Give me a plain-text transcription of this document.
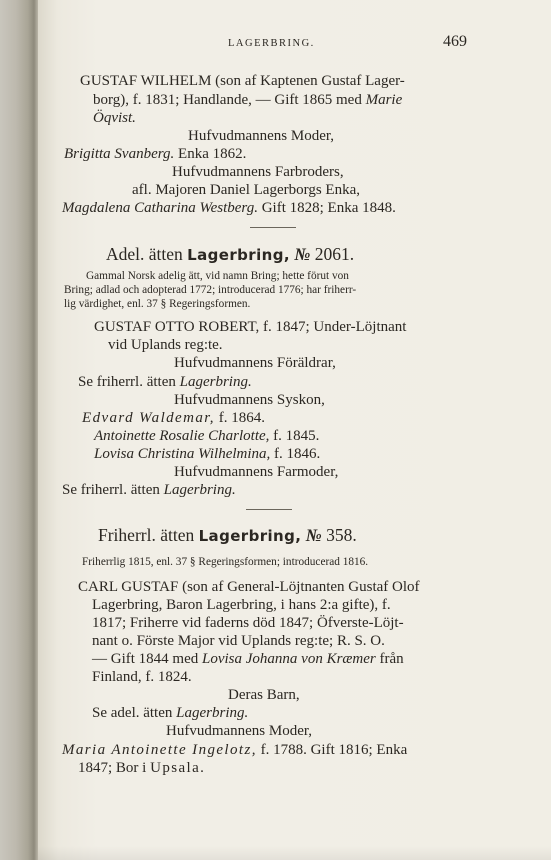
LAGERBRING.	469
GUSTAF WILHELM (son af Kaptenen Gustaf Lager-
borg), f. 1831; Handlande, — Gift 1865 med Marie
Öqvist.
Hufvudmannens Moder,
Brigitta Svanberg. Enka 1862.
Hufvudmannens Farbroders,
afl. Majoren Daniel Lagerborgs Enka,
Magdalena Catharina Westberg. Gift 1828; Enka 1848.
Adel. ätten Lagerbring, № 2061.
Gammal Norsk adelig ätt, vid namn Bring; hette förut von
Bring; adlad och adopterad 1772; introducerad 1776; har friherr-
lig värdighet, enl. 37 § Regeringsformen.
GUSTAF OTTO ROBERT, f. 1847; Under-Löjtnant
vid Uplands reg:te.
Hufvudmannens Föräldrar,
Se friherrl. ätten Lagerbring.
Hufvudmannens Syskon,
Edvard Waldemar, f. 1864.
Antoinette Rosalie Charlotte, f. 1845.
Lovisa Christina Wilhelmina, f. 1846.
Hufvudmannens Farmoder,
Se friherrl. ätten Lagerbring.
Friherrl. ätten Lagerbring, № 358.
Friherrlig 1815, enl. 37 § Regeringsformen; introducerad 1816.
CARL GUSTAF (son af General-Löjtnanten Gustaf Olof
Lagerbring, Baron Lagerbring, i hans 2:a gifte), f.
1817; Friherre vid faderns död 1847; Öfverste-Löjt-
nant o. Förste Major vid Uplands reg:te; R. S. O.
— Gift 1844 med Lovisa Johanna von Kræmer från
Finland, f. 1824.
Deras Barn,
Se adel. ätten Lagerbring.
Hufvudmannens Moder,
Maria Antoinette Ingelotz, f. 1788. Gift 1816; Enka
1847; Bor i Upsala.
